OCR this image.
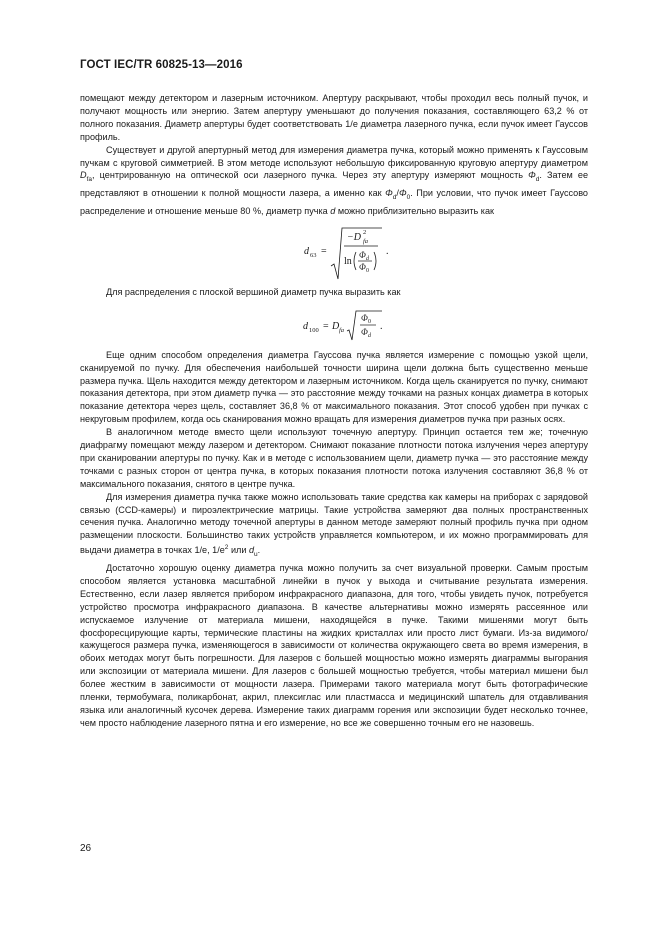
ГОСТ IEC/TR 60825-13—2016

помещают между детектором и лазерным источником. Апертуру раскрывают, чтобы проходил весь полный пучок, и получают мощность или энергию. Затем апертуру уменьшают до получения показания, составляющего 63,2 % от полного показания. Диаметр апертуры будет соответствовать 1/e диаметра лазерного пучка, если пучок имеет Гауссов профиль.

Существует и другой апертурный метод для измерения диаметра пучка, который можно применять к Гауссовым пучкам с круговой симметрией. В этом методе используют небольшую фиксированную круговую апертуру диаметром $D_{fa}$, центрированную на оптической оси лазерного пучка. Через эту апертуру измеряют мощность $\Phi_d$. Затем ее представляют в отношении к полной мощности лазера, а именно как $\Phi_d/\Phi_0$. При условии, что пучок имеет Гауссово распределение и отношение меньше 80 %, диаметр пучка d можно приблизительно выразить как

d 63 =
−D 2
fa
ln
Φ d
Φ 0
.

Для распределения с плоской вершиной диаметр пучка выразить как

d 100 = D fa
Φ 0
Φ d
.

Еще одним способом определения диаметра Гауссова пучка является измерение с помощью узкой щели, сканируемой по пучку. Для обеспечения наибольшей точности ширина щели должна быть существенно меньше размера пучка. Щель находится между детектором и лазерным источником. Когда щель сканируется по пучку, снимают показания детектора, при этом диаметр пучка — это расстояние между точками на разных концах диаметра в которых показание детектора через щель, составляет 36,8 % от максимального показания. Этот способ удобен при пучках с некруговым профилем, когда ось сканирования можно вращать для измерения диаметров пучка при разных осях.

В аналогичном методе вместо щели используют точечную апертуру. Принцип остается тем же; точечную диафрагму помещают между лазером и детектором. Снимают показание плотности потока излучения через апертуру при сканировании апертуры по пучку. Как и в методе с использованием щели, диаметр пучка — это расстояние между точками с разных сторон от центра пучка, в которых показания плотности потока излучения составляют 36,8 % от максимального показания, снятого в центре пучка.

Для измерения диаметра пучка также можно использовать такие средства как камеры на приборах с зарядовой связью (CCD-камеры) и пироэлектрические матрицы. Такие устройства замеряют два полных пространственных сечения пучка. Аналогично методу точечной апертуры в данном методе замеряют полный профиль пучка при одном размещении плоскости. Большинство таких устройств управляется компьютером, и их можно программировать для выдачи диаметра в точках 1/e, $1/e^2$ или $d_u$.

Достаточно хорошую оценку диаметра пучка можно получить за счет визуальной проверки. Самым простым способом является установка масштабной линейки в пучок у выхода и считывание результата измерения. Естественно, если лазер является прибором инфракрасного диапазона, для того, чтобы увидеть пучок, потребуется устройство просмотра инфракрасного диапазона. В качестве альтернативы можно измерять рассеянное или испускаемое излучение от материала мишени, находящейся в пучке. Такими мишенями могут быть фосфоресцирующие карты, термические пластины на жидких кристаллах или просто лист бумаги. Из-за видимого/кажущегося размера пучка, изменяющегося в зависимости от количества окружающего света во время измерения, в обоих методах могут быть погрешности. Для лазеров с большей мощностью можно измерять диаграммы выгорания или экспозиции от материала мишени. Для лазеров с большей мощностью требуется, чтобы материал мишени был более жестким в зависимости от мощности лазера. Примерами такого материала могут быть фотографические пленки, термобумага, поликарбонат, акрил, плексиглас или пластмасса и медицинский шпатель для отдавливания языка или аналогичный кусочек дерева. Измерение таких диаграмм горения или экспозиции будет несколько точнее, чем просто наблюдение лазерного пятна и его измерение, но все же совершенно точным его не назовешь.

26
